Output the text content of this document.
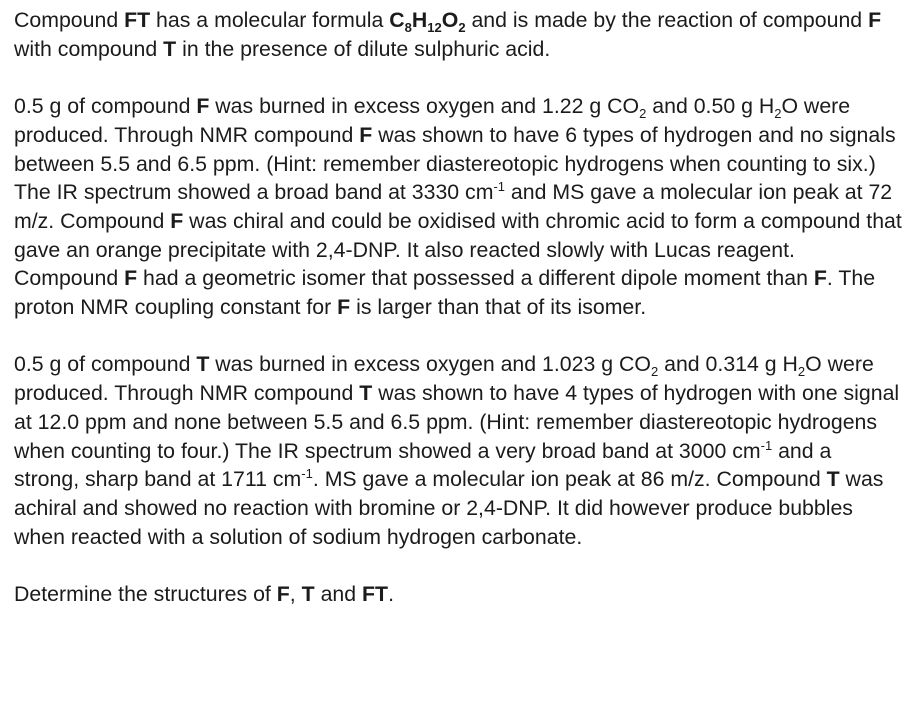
Compound FT has a molecular formula $C_8H_{12}O_2$ and is made by the reaction of compound F with compound T in the presence of dilute sulphuric acid.

0.5 g of compound F was burned in excess oxygen and 1.22 g $CO_2$ and 0.50 g $H_2O$ were produced. Through NMR compound F was shown to have 6 types of hydrogen and no signals between 5.5 and 6.5 ppm. (Hint: remember diastereotopic hydrogens when counting to six.) The IR spectrum showed a broad band at 3330 $cm^{-1}$ and MS gave a molecular ion peak at 72 m/z. Compound F was chiral and could be oxidised with chromic acid to form a compound that gave an orange precipitate with 2,4-DNP. It also reacted slowly with Lucas reagent. Compound F had a geometric isomer that possessed a different dipole moment than F. The proton NMR coupling constant for F is larger than that of its isomer.

0.5 g of compound T was burned in excess oxygen and 1.023 g $CO_2$ and 0.314 g $H_2O$ were produced. Through NMR compound T was shown to have 4 types of hydrogen with one signal at 12.0 ppm and none between 5.5 and 6.5 ppm. (Hint: remember diastereotopic hydrogens when counting to four.) The IR spectrum showed a very broad band at 3000 $cm^{-1}$ and a strong, sharp band at 1711 $cm^{-1}$. MS gave a molecular ion peak at 86 m/z. Compound T was achiral and showed no reaction with bromine or 2,4-DNP. It did however produce bubbles when reacted with a solution of sodium hydrogen carbonate.

Determine the structures of F, T and FT.
